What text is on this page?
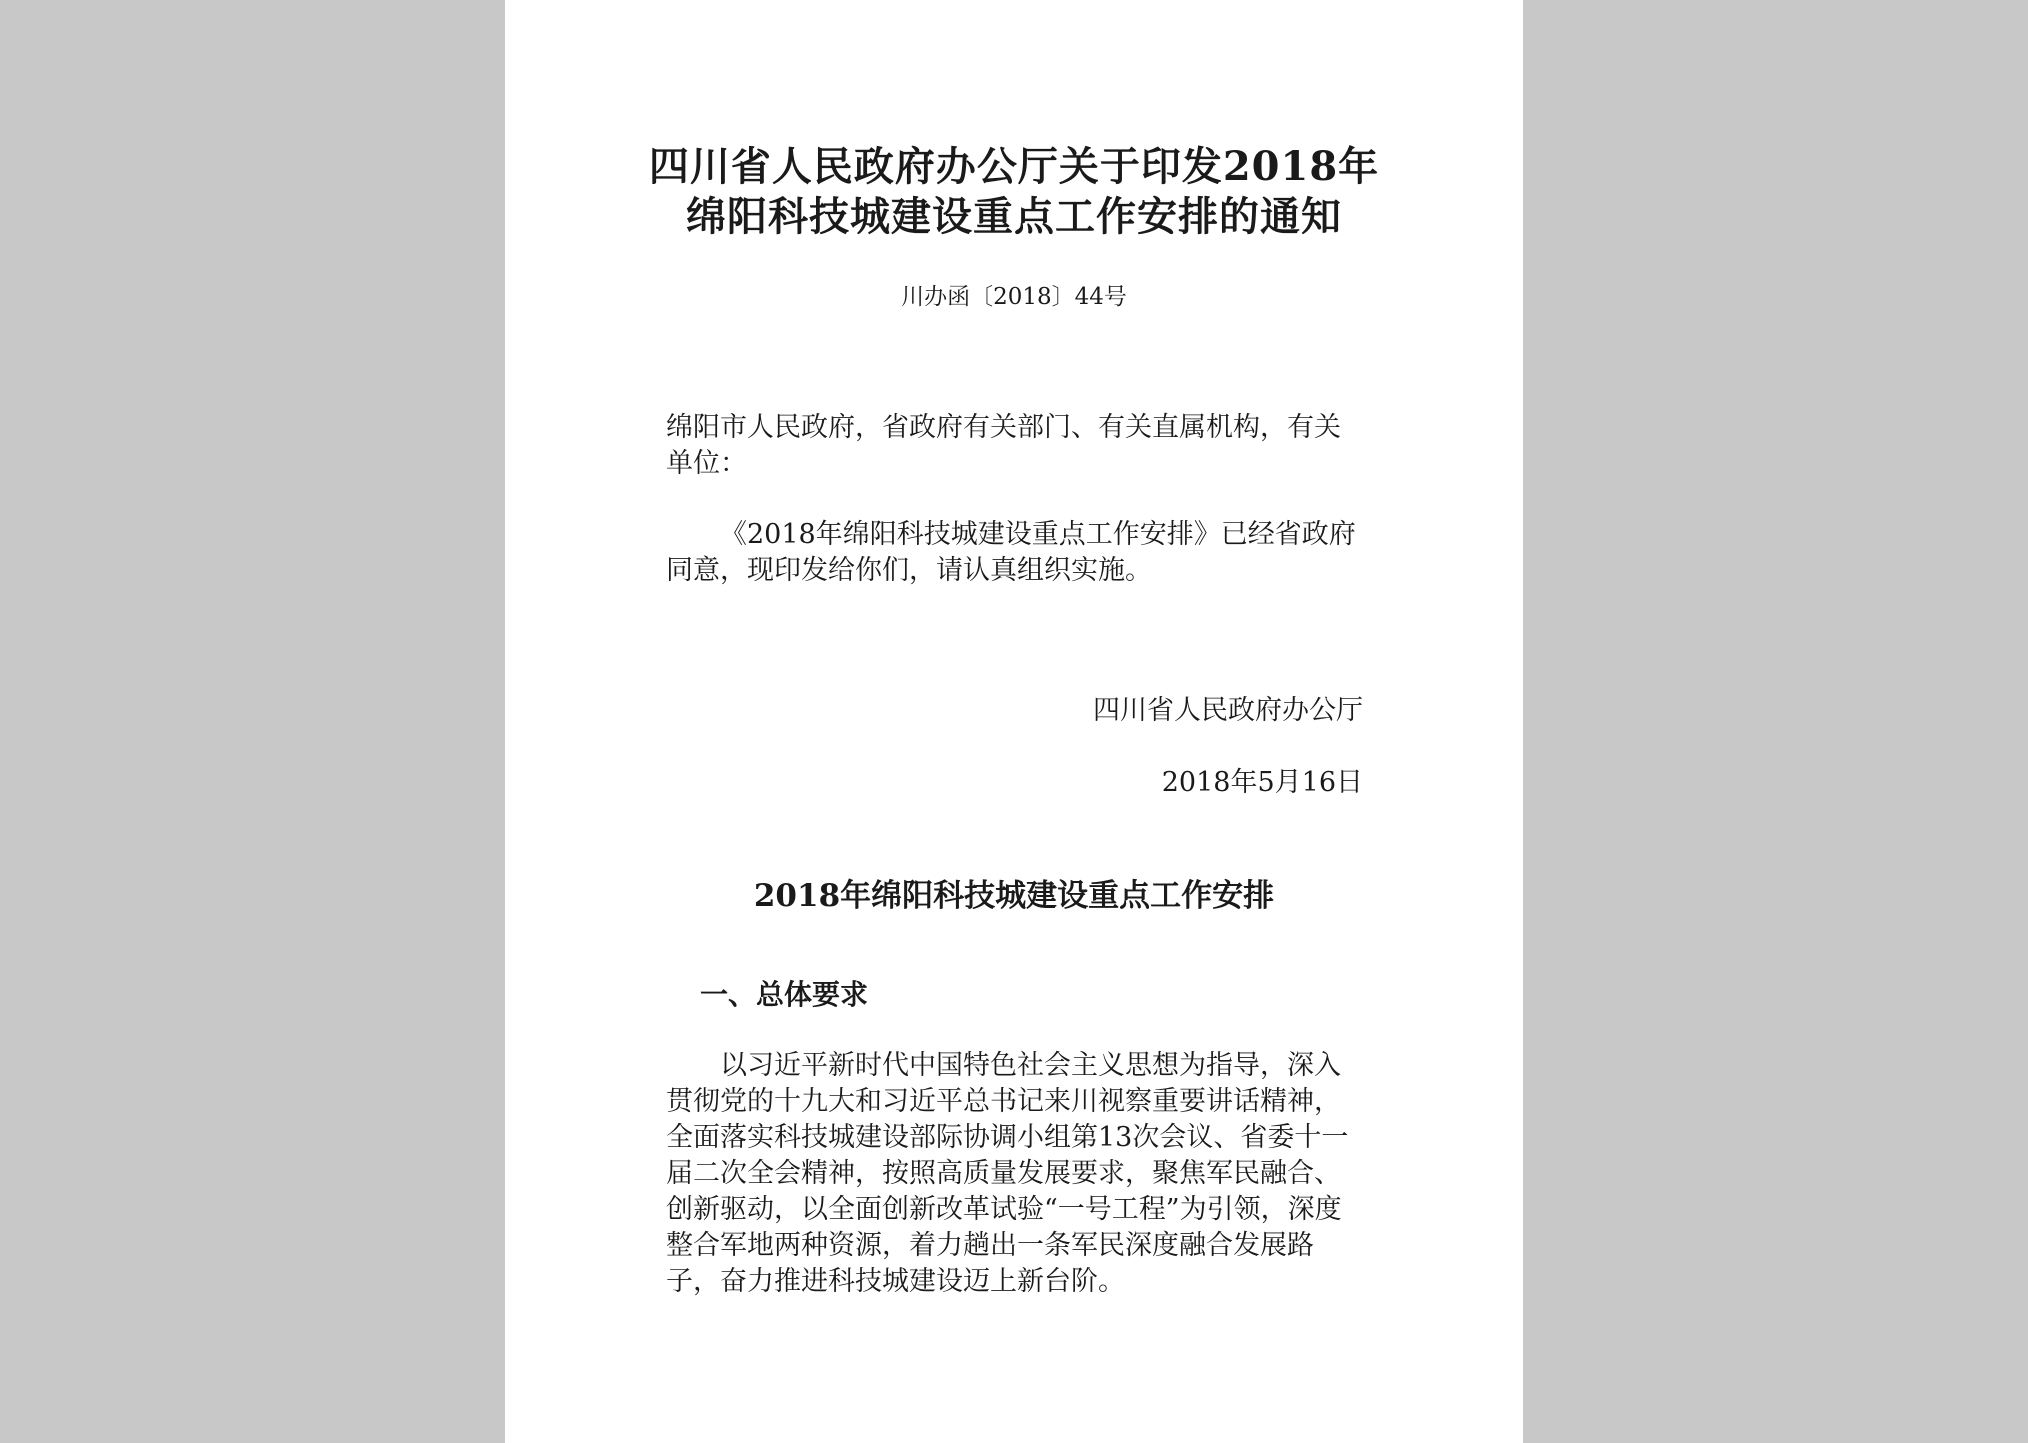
四川省人民政府办公厅关于印发2018年
绵阳科技城建设重点工作安排的通知
川办函〔2018〕44号
绵阳市人民政府，省政府有关部门、有关直属机构，有关单位：
《2018年绵阳科技城建设重点工作安排》已经省政府同意，现印发给你们，请认真组织实施。
四川省人民政府办公厅
2018年5月16日
2018年绵阳科技城建设重点工作安排
一、总体要求
以习近平新时代中国特色社会主义思想为指导，深入贯彻党的十九大和习近平总书记来川视察重要讲话精神，全面落实科技城建设部际协调小组第13次会议、省委十一届二次全会精神，按照高质量发展要求，聚焦军民融合、创新驱动，以全面创新改革试验“一号工程”为引领，深度整合军地两种资源，着力趟出一条军民深度融合发展路子，奋力推进科技城建设迈上新台阶。
